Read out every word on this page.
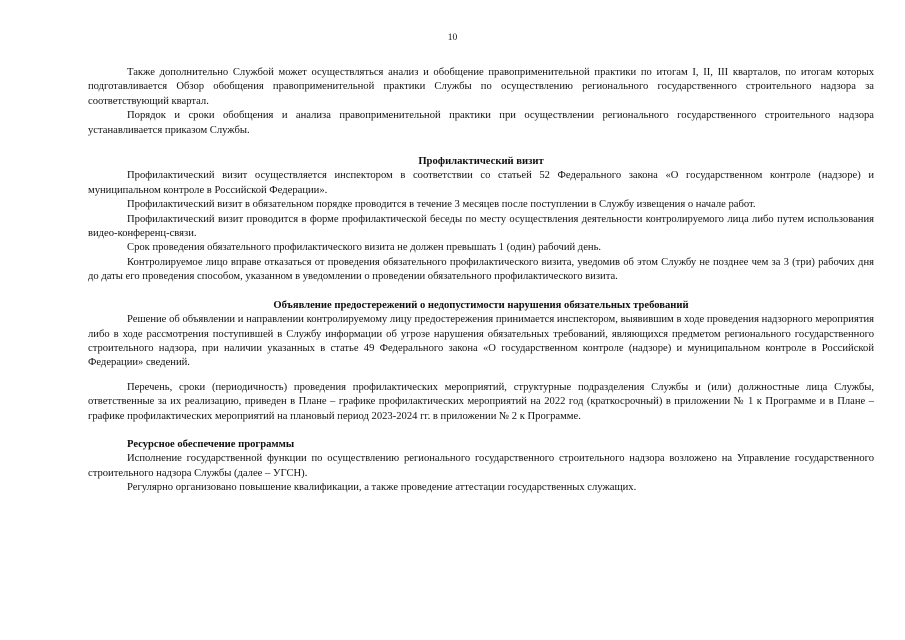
10

Также дополнительно Службой может осуществляться анализ и обобщение правоприменительной практики по итогам I, II, III кварталов, по итогам которых подготавливается Обзор обобщения правоприменительной практики Службы по осуществлению регионального государственного строительного надзора за соответствующий квартал.

Порядок и сроки обобщения и анализа правоприменительной практики при осуществлении регионального государственного строительного надзора устанавливается приказом Службы.

Профилактический визит

Профилактический визит осуществляется инспектором в соответствии со статьей 52 Федерального закона «О государственном контроле (надзоре) и муниципальном контроле в Российской Федерации».

Профилактический визит в обязательном порядке проводится в течение 3 месяцев после поступлении в Службу извещения о начале работ.

Профилактический визит проводится в форме профилактической беседы по месту осуществления деятельности контролируемого лица либо путем использования видео-конференц-связи.

Срок проведения обязательного профилактического визита не должен превышать 1 (один) рабочий день.

Контролируемое лицо вправе отказаться от проведения обязательного профилактического визита, уведомив об этом Службу не позднее чем за 3 (три) рабочих дня до даты его проведения способом, указанном в уведомлении о проведении обязательного профилактического визита.

Объявление предостережений о недопустимости нарушения обязательных требований

Решение об объявлении и направлении контролируемому лицу предостережения принимается инспектором, выявившим в ходе проведения надзорного мероприятия либо в ходе рассмотрения поступившей в Службу информации об угрозе нарушения обязательных требований, являющихся предметом регионального государственного строительного надзора, при наличии указанных в статье 49 Федерального закона «О государственном контроле (надзоре) и муниципальном контроле в Российской Федерации» сведений.

Перечень, сроки (периодичность) проведения профилактических мероприятий, структурные подразделения Службы и (или) должностные лица Службы, ответственные за их реализацию, приведен в Плане – графике профилактических мероприятий на 2022 год (краткосрочный) в приложении № 1 к Программе и в Плане – графике профилактических мероприятий на плановый период 2023-2024 гг. в приложении № 2 к Программе.

Ресурсное обеспечение программы

Исполнение государственной функции по осуществлению регионального государственного строительного надзора возложено на Управление государственного строительного надзора Службы (далее – УГСН).

Регулярно организовано повышение квалификации, а также проведение аттестации государственных служащих.
